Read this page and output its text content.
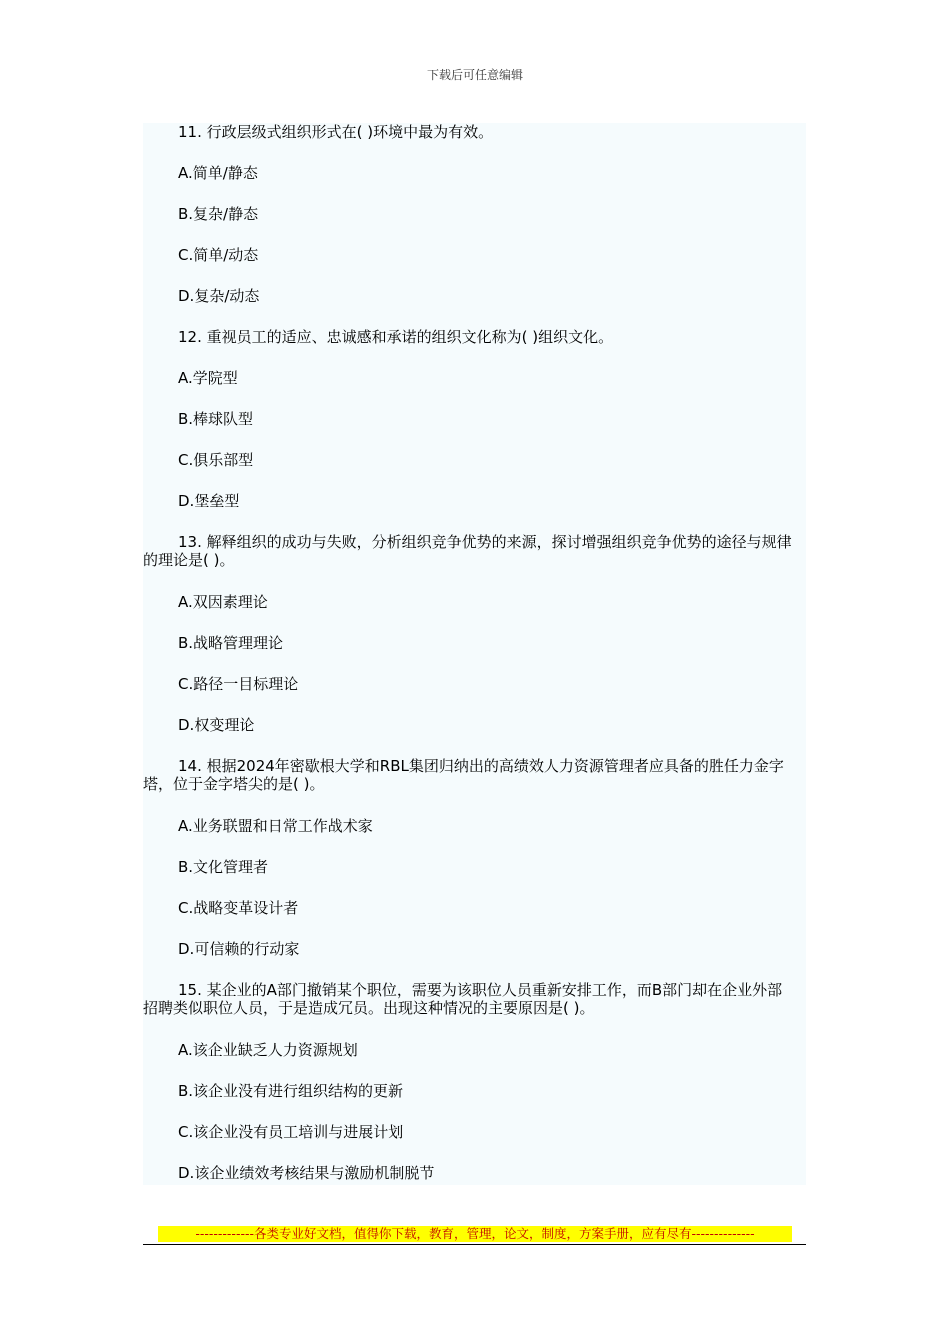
下载后可任意编辑
11. 行政层级式组织形式在( )环境中最为有效。
A.简单/静态
B.复杂/静态
C.简单/动态
D.复杂/动态
12. 重视员工的适应、忠诚感和承诺的组织文化称为( )组织文化。
A.学院型
B.棒球队型
C.俱乐部型
D.堡垒型
13. 解释组织的成功与失败，分析组织竞争优势的来源，探讨增强组织竞争优势的途径与规律的理论是( )。
A.双因素理论
B.战略管理理论
C.路径一目标理论
D.权变理论
14. 根据2024年密歇根大学和RBL集团归纳出的高绩效人力资源管理者应具备的胜任力金字塔，位于金字塔尖的是( )。
A.业务联盟和日常工作战术家
B.文化管理者
C.战略变革设计者
D.可信赖的行动家
15. 某企业的A部门撤销某个职位，需要为该职位人员重新安排工作，而B部门却在企业外部招聘类似职位人员，于是造成冗员。出现这种情况的主要原因是( )。
A.该企业缺乏人力资源规划
B.该企业没有进行组织结构的更新
C.该企业没有员工培训与进展计划
D.该企业绩效考核结果与激励机制脱节
-------------各类专业好文档，值得你下载，教育，管理，论文，制度，方案手册，应有尽有--------------
